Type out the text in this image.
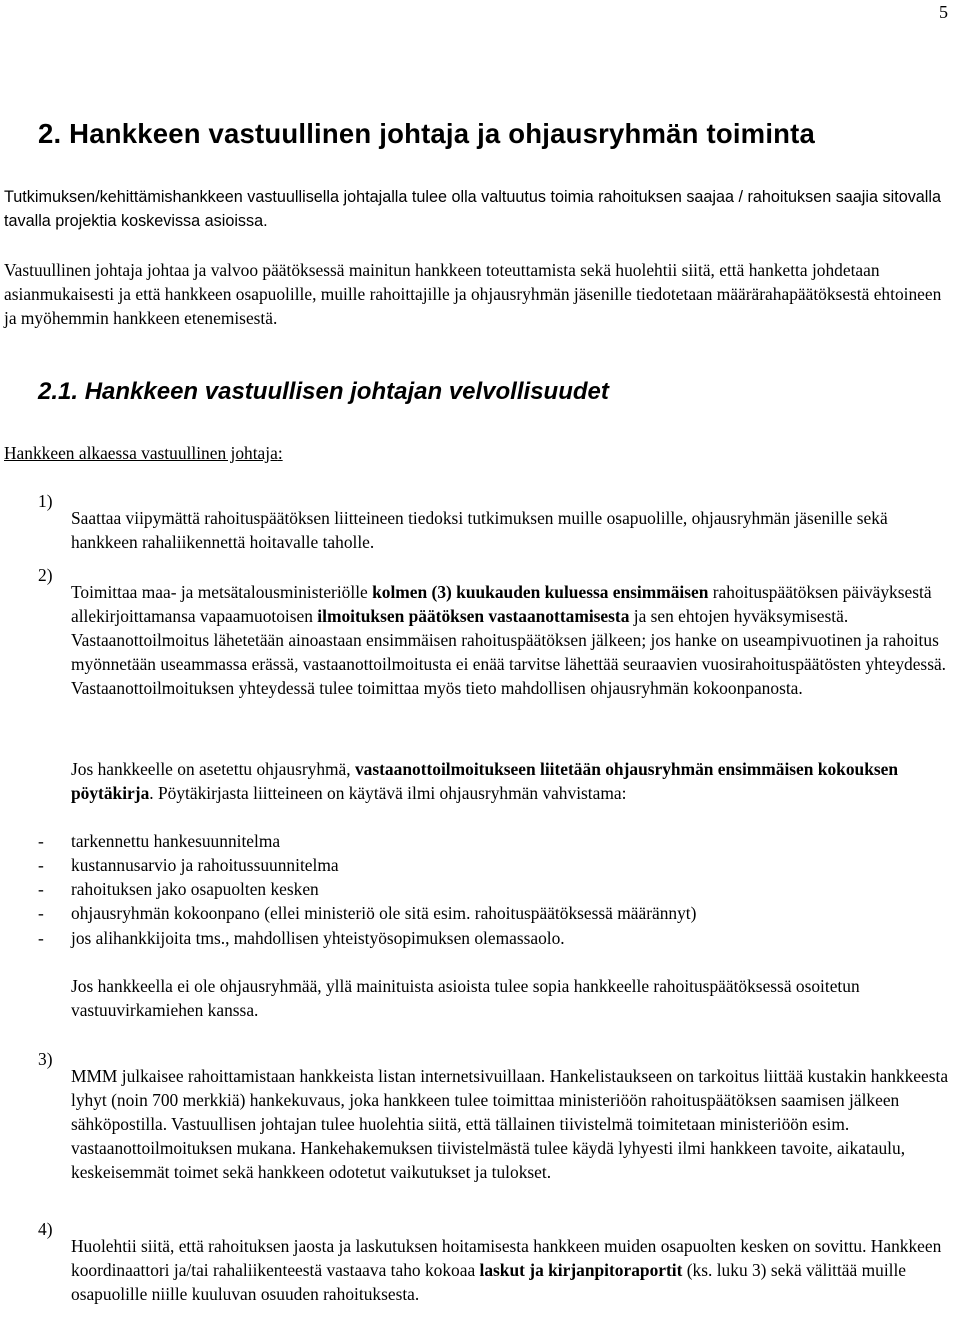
5
2. Hankkeen vastuullinen johtaja ja ohjausryhmän toiminta

Tutkimuksen/kehittämishankkeen vastuullisella johtajalla tulee olla valtuutus toimia rahoituksen saajaa / rahoituksen saajia sitovalla tavalla projektia koskevissa asioissa.

Vastuullinen johtaja johtaa ja valvoo päätöksessä mainitun hankkeen toteuttamista sekä huolehtii siitä, että hanketta johdetaan asianmukaisesti ja että hankkeen osapuolille, muille rahoittajille ja ohjausryhmän jäsenille tiedotetaan määrärahapäätöksestä ehtoineen ja myöhemmin hankkeen etenemisestä.

2.1. Hankkeen vastuullisen johtajan velvollisuudet
Hankkeen alkaessa vastuullinen johtaja:
1)

Saattaa viipymättä rahoituspäätöksen liitteineen tiedoksi tutkimuksen muille osapuolille, ohjausryhmän jäsenille sekä hankkeen rahaliikennettä hoitavalle taholle.

2)

Toimittaa maa- ja metsätalousministeriölle kolmen (3) kuukauden kuluessa ensimmäisen rahoituspäätöksen päiväyksestä allekirjoittamansa vapaamuotoisen ilmoituksen päätöksen vastaanottamisesta ja sen ehtojen hyväksymisestä. Vastaanottoilmoitus lähetetään ainoastaan ensimmäisen rahoituspäätöksen jälkeen; jos hanke on useampivuotinen ja rahoitus myönnetään useammassa erässä, vastaanottoilmoitusta ei enää tarvitse lähettää seuraavien vuosirahoituspäätösten yhteydessä. Vastaanottoilmoituksen yhteydessä tulee toimittaa myös tieto mahdollisen ohjausryhmän kokoonpanosta.

Jos hankkeelle on asetettu ohjausryhmä, vastaanottoilmoitukseen liitetään ohjausryhmän ensimmäisen kokouksen pöytäkirja. Pöytäkirjasta liitteineen on käytävä ilmi ohjausryhmän vahvistama:

- tarkennettu hankesuunnitelma
- kustannusarvio ja rahoitussuunnitelma
- rahoituksen jako osapuolten kesken
- ohjausryhmän kokoonpano (ellei ministeriö ole sitä esim. rahoituspäätöksessä määrännyt)
- jos alihankkijoita tms., mahdollisen yhteistyösopimuksen olemassaolo.

Jos hankkeella ei ole ohjausryhmää, yllä mainituista asioista tulee sopia hankkeelle rahoituspäätöksessä osoitetun vastuuvirkamiehen kanssa.

3)

MMM julkaisee rahoittamistaan hankkeista listan internetsivuillaan. Hankelistaukseen on tarkoitus liittää kustakin hankkeesta lyhyt (noin 700 merkkiä) hankekuvaus, joka hankkeen tulee toimittaa ministeriöön rahoituspäätöksen saamisen jälkeen sähköpostilla. Vastuullisen johtajan tulee huolehtia siitä, että tällainen tiivistelmä toimitetaan ministeriöön esim. vastaanottoilmoituksen mukana. Hankehakemuksen tiivistelmästä tulee käydä lyhyesti ilmi hankkeen tavoite, aikataulu, keskeisemmät toimet sekä hankkeen odotetut vaikutukset ja tulokset.

4)

Huolehtii siitä, että rahoituksen jaosta ja laskutuksen hoitamisesta hankkeen muiden osapuolten kesken on sovittu. Hankkeen koordinaattori ja/tai rahaliikenteestä vastaava taho kokoaa laskut ja kirjanpitoraportit (ks. luku 3) sekä välittää muille osapuolille niille kuuluvan osuuden rahoituksesta.
